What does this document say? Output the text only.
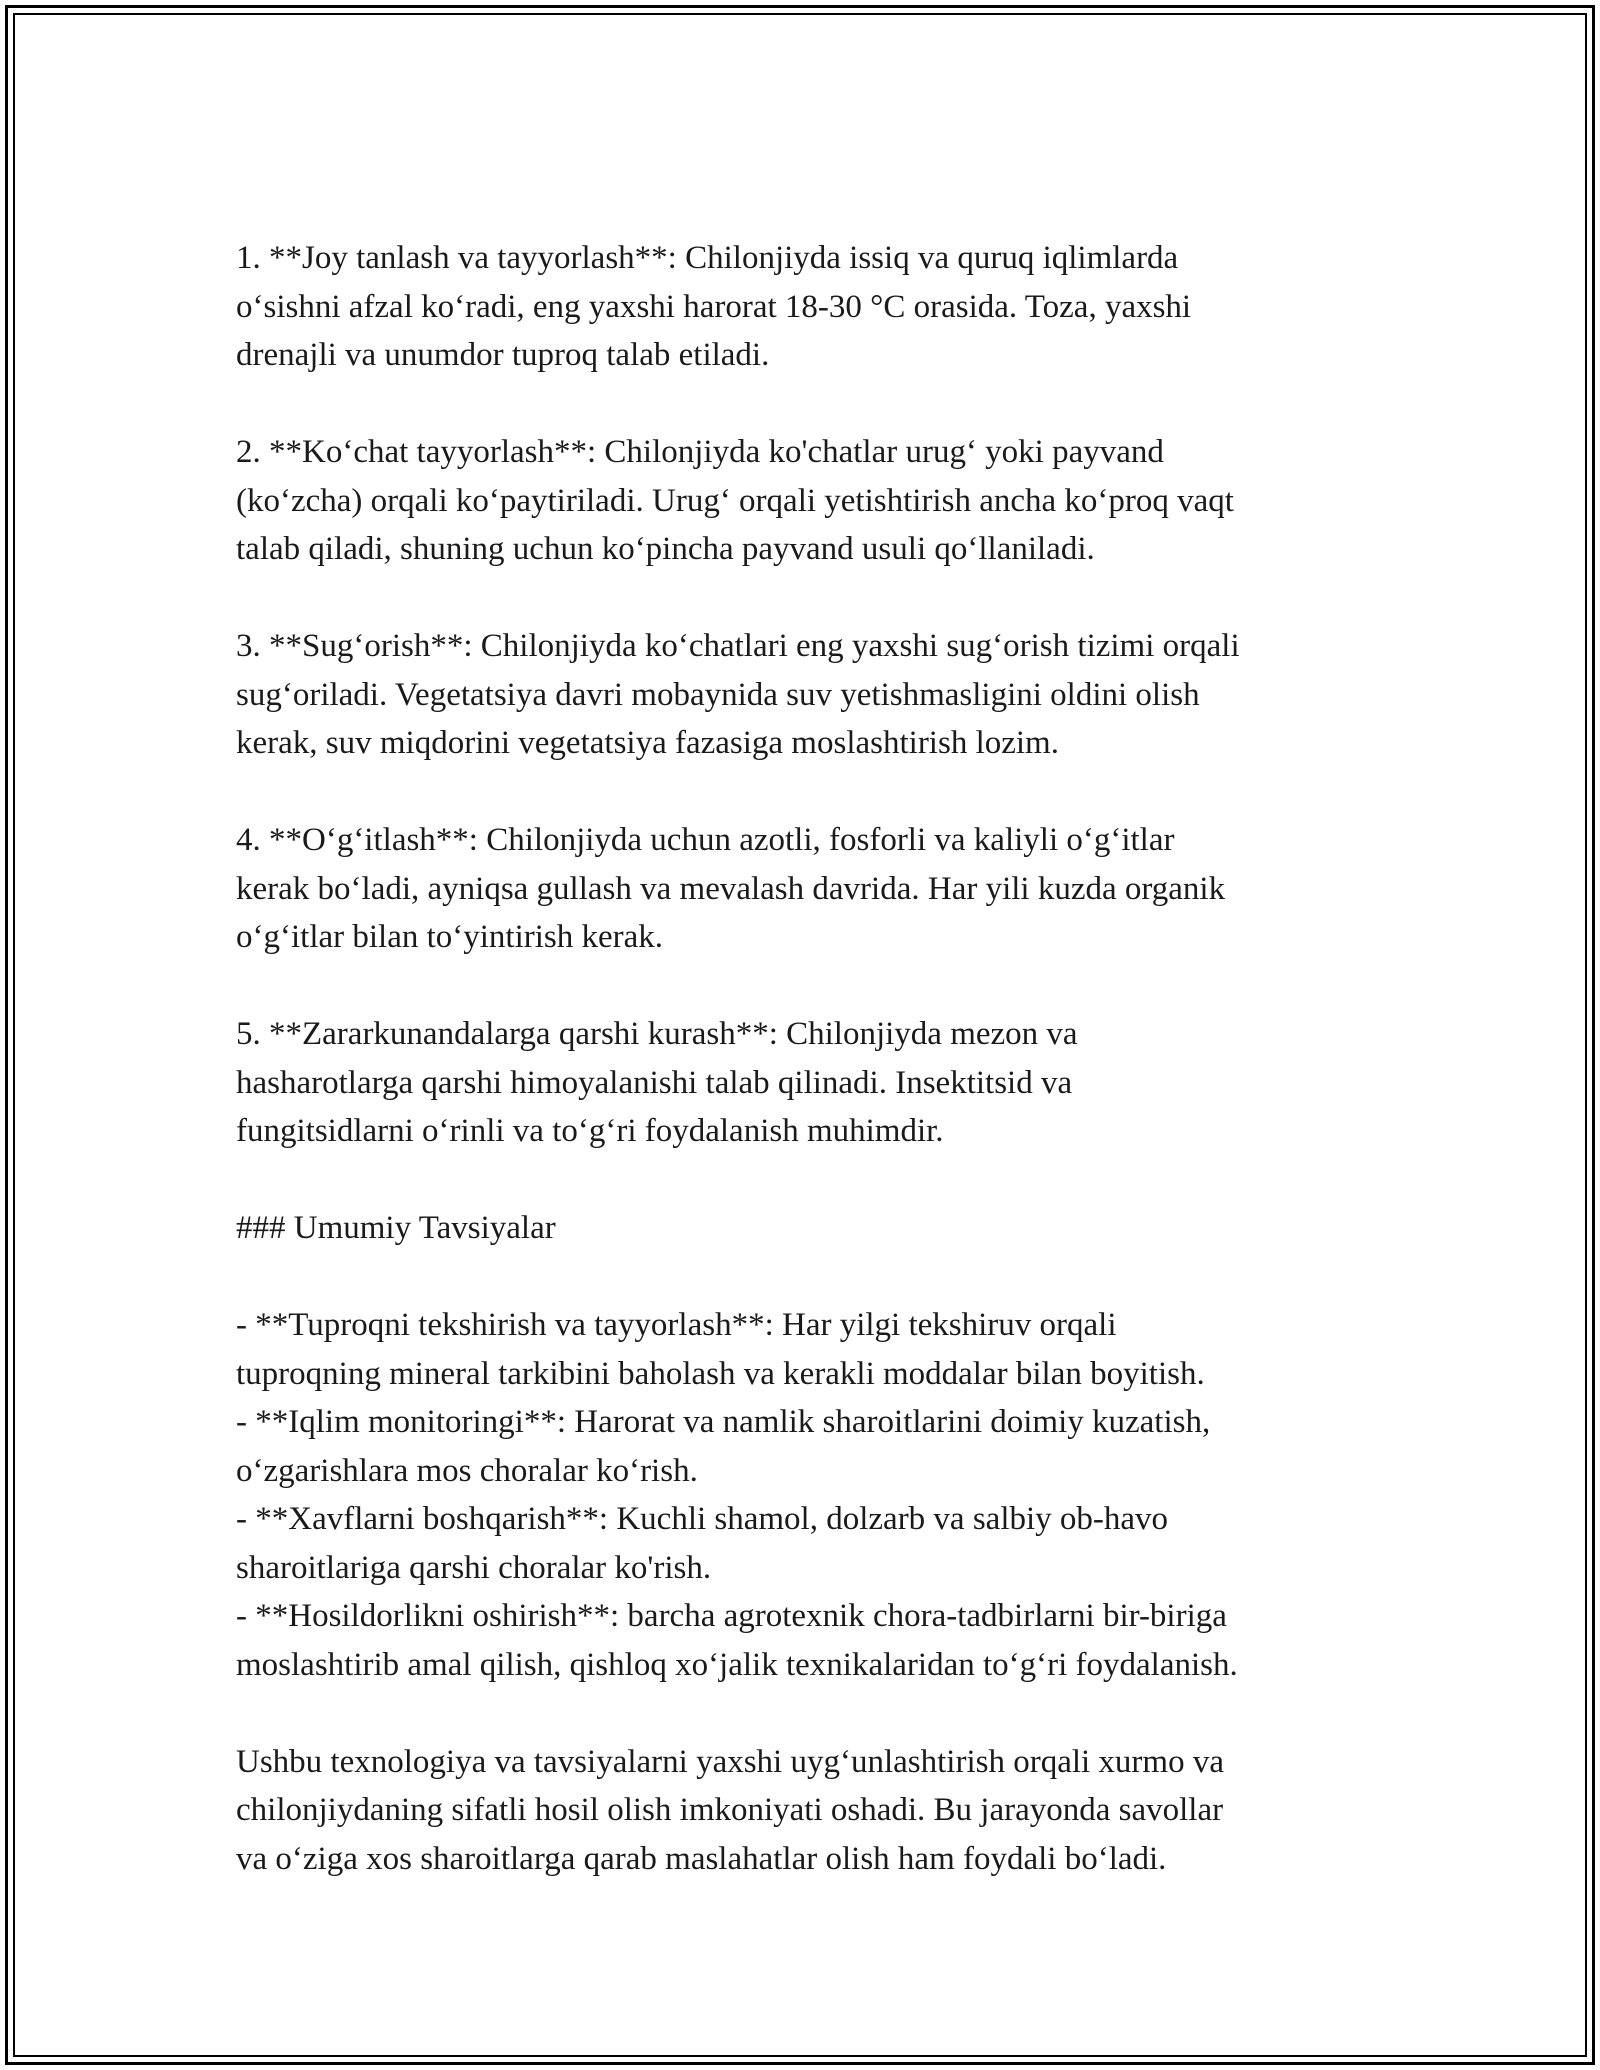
1. **Joy tanlash va tayyorlash**: Chilonjiyda issiq va quruq iqlimlarda
o‘sishni afzal ko‘radi, eng yaxshi harorat 18-30 °C orasida. Toza, yaxshi
drenajli va unumdor tuproq talab etiladi.

2. **Ko‘chat tayyorlash**: Chilonjiyda ko'chatlar urug‘ yoki payvand
(ko‘zcha) orqali ko‘paytiriladi. Urug‘ orqali yetishtirish ancha ko‘proq vaqt
talab qiladi, shuning uchun ko‘pincha payvand usuli qo‘llaniladi.

3. **Sug‘orish**: Chilonjiyda ko‘chatlari eng yaxshi sug‘orish tizimi orqali
sug‘oriladi. Vegetatsiya davri mobaynida suv yetishmasligini oldini olish
kerak, suv miqdorini vegetatsiya fazasiga moslashtirish lozim.

4. **O‘g‘itlash**: Chilonjiyda uchun azotli, fosforli va kaliyli o‘g‘itlar
kerak bo‘ladi, ayniqsa gullash va mevalash davrida. Har yili kuzda organik
o‘g‘itlar bilan to‘yintirish kerak.

5. **Zararkunandalarga qarshi kurash**: Chilonjiyda mezon va
hasharotlarga qarshi himoyalanishi talab qilinadi. Insektitsid va
fungitsidlarni o‘rinli va to‘g‘ri foydalanish muhimdir.

### Umumiy Tavsiyalar

- **Tuproqni tekshirish va tayyorlash**: Har yilgi tekshiruv orqali
tuproqning mineral tarkibini baholash va kerakli moddalar bilan boyitish.
- **Iqlim monitoringi**: Harorat va namlik sharoitlarini doimiy kuzatish,
o‘zgarishlara mos choralar ko‘rish.
- **Xavflarni boshqarish**: Kuchli shamol, dolzarb va salbiy ob-havo
sharoitlariga qarshi choralar ko'rish.
- **Hosildorlikni oshirish**: barcha agrotexnik chora-tadbirlarni bir-biriga
moslashtirib amal qilish, qishloq xo‘jalik texnikalaridan to‘g‘ri foydalanish.

Ushbu texnologiya va tavsiyalarni yaxshi uyg‘unlashtirish orqali xurmo va
chilonjiydaning sifatli hosil olish imkoniyati oshadi. Bu jarayonda savollar
va o‘ziga xos sharoitlarga qarab maslahatlar olish ham foydali bo‘ladi.
